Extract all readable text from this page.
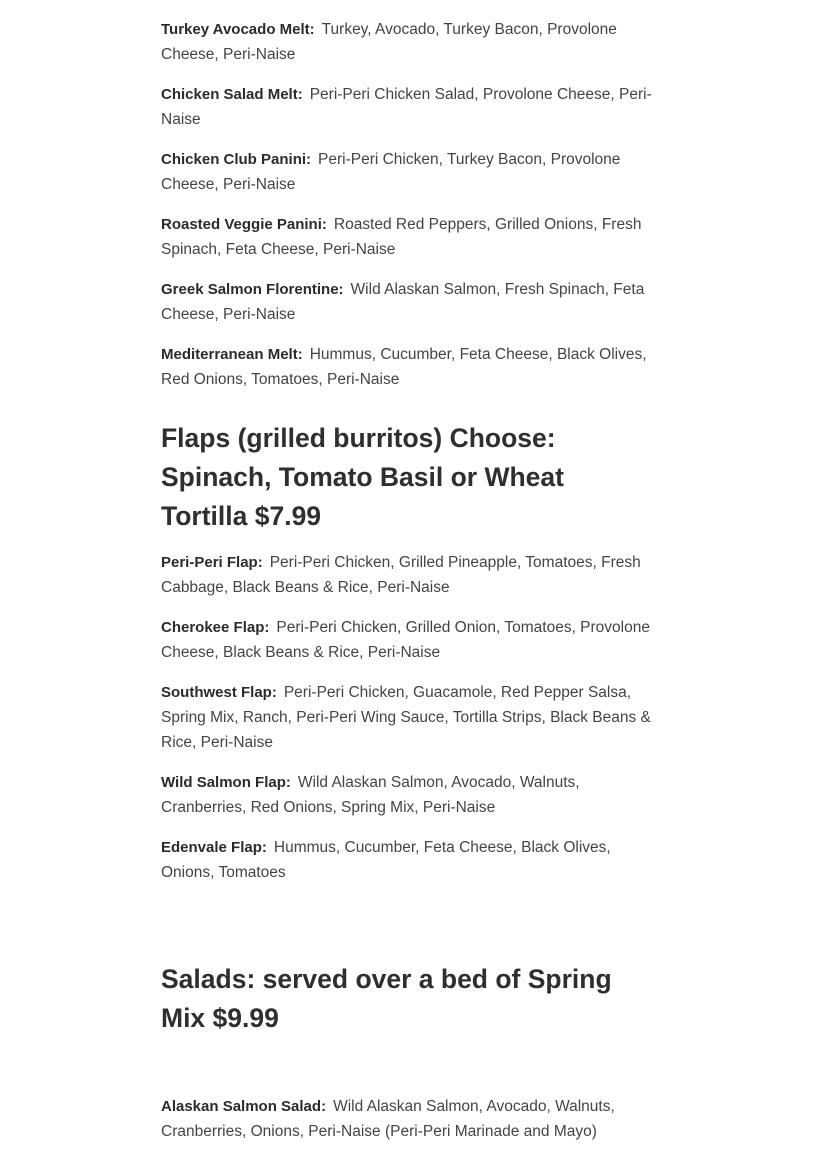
Turkey Avocado Melt: Turkey, Avocado, Turkey Bacon, Provolone Cheese, Peri-Naise

Chicken Salad Melt: Peri-Peri Chicken Salad, Provolone Cheese, Peri-Naise

Chicken Club Panini: Peri-Peri Chicken, Turkey Bacon, Provolone Cheese, Peri-Naise

Roasted Veggie Panini: Roasted Red Peppers, Grilled Onions, Fresh Spinach, Feta Cheese, Peri-Naise

Greek Salmon Florentine: Wild Alaskan Salmon, Fresh Spinach, Feta Cheese, Peri-Naise

Mediterranean Melt: Hummus, Cucumber, Feta Cheese, Black Olives, Red Onions, Tomatoes, Peri-Naise

Flaps (grilled burritos) Choose: Spinach, Tomato Basil or Wheat Tortilla $7.99

Peri-Peri Flap: Peri-Peri Chicken, Grilled Pineapple, Tomatoes, Fresh Cabbage, Black Beans & Rice, Peri-Naise

Cherokee Flap: Peri-Peri Chicken, Grilled Onion, Tomatoes, Provolone Cheese, Black Beans & Rice, Peri-Naise

Southwest Flap: Peri-Peri Chicken, Guacamole, Red Pepper Salsa, Spring Mix, Ranch, Peri-Peri Wing Sauce, Tortilla Strips, Black Beans & Rice, Peri-Naise

Wild Salmon Flap: Wild Alaskan Salmon, Avocado, Walnuts, Cranberries, Red Onions, Spring Mix, Peri-Naise

Edenvale Flap: Hummus, Cucumber, Feta Cheese, Black Olives, Onions, Tomatoes

Salads: served over a bed of Spring Mix $9.99

Alaskan Salmon Salad: Wild Alaskan Salmon, Avocado, Walnuts, Cranberries, Onions, Peri-Naise (Peri-Peri Marinade and Mayo)
